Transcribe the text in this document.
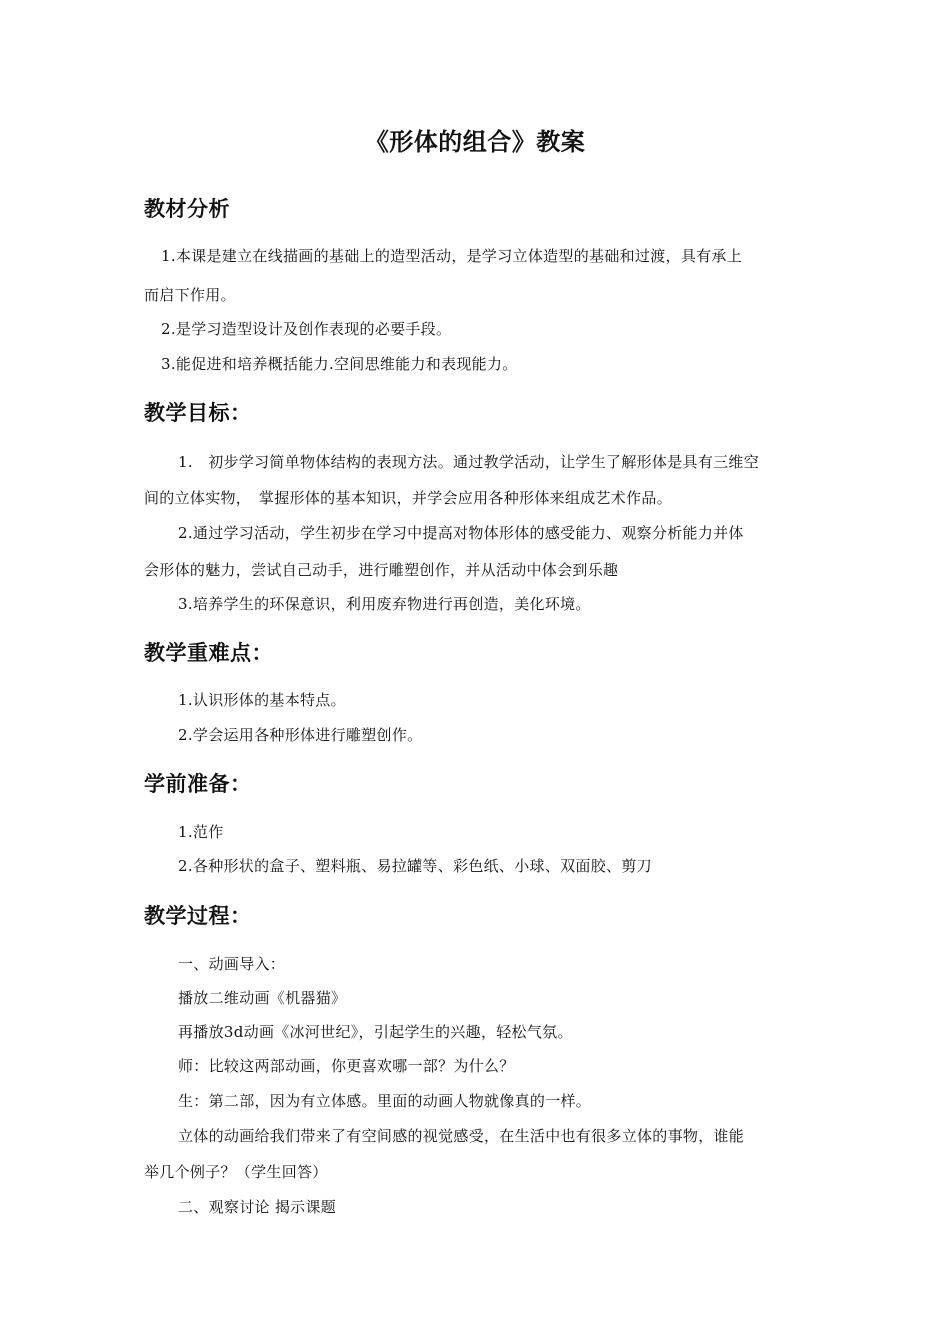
《形体的组合》教案
教材分析
1.本课是建立在线描画的基础上的造型活动，是学习立体造型的基础和过渡，具有承上
而启下作用。
2.是学习造型设计及创作表现的必要手段。
3.能促进和培养概括能力.空间思维能力和表现能力。
教学目标：
1.　初步学习简单物体结构的表现方法。通过教学活动，让学生了解形体是具有三维空
间的立体实物，　掌握形体的基本知识，并学会应用各种形体来组成艺术作品。
2.通过学习活动，学生初步在学习中提高对物体形体的感受能力、观察分析能力并体
会形体的魅力，尝试自己动手，进行雕塑创作，并从活动中体会到乐趣
3.培养学生的环保意识，利用废弃物进行再创造，美化环境。
教学重难点：
1.认识形体的基本特点。
2.学会运用各种形体进行雕塑创作。
学前准备：
1.范作
2.各种形状的盒子、塑料瓶、易拉罐等、彩色纸、小球、双面胶、剪刀
教学过程：
一、动画导入：
播放二维动画《机器猫》
再播放3d动画《冰河世纪》，引起学生的兴趣，轻松气氛。
师：比较这两部动画，你更喜欢哪一部？为什么？
生：第二部，因为有立体感。里面的动画人物就像真的一样。
立体的动画给我们带来了有空间感的视觉感受，在生活中也有很多立体的事物，谁能
举几个例子？（学生回答）
二、观察讨论 揭示课题
